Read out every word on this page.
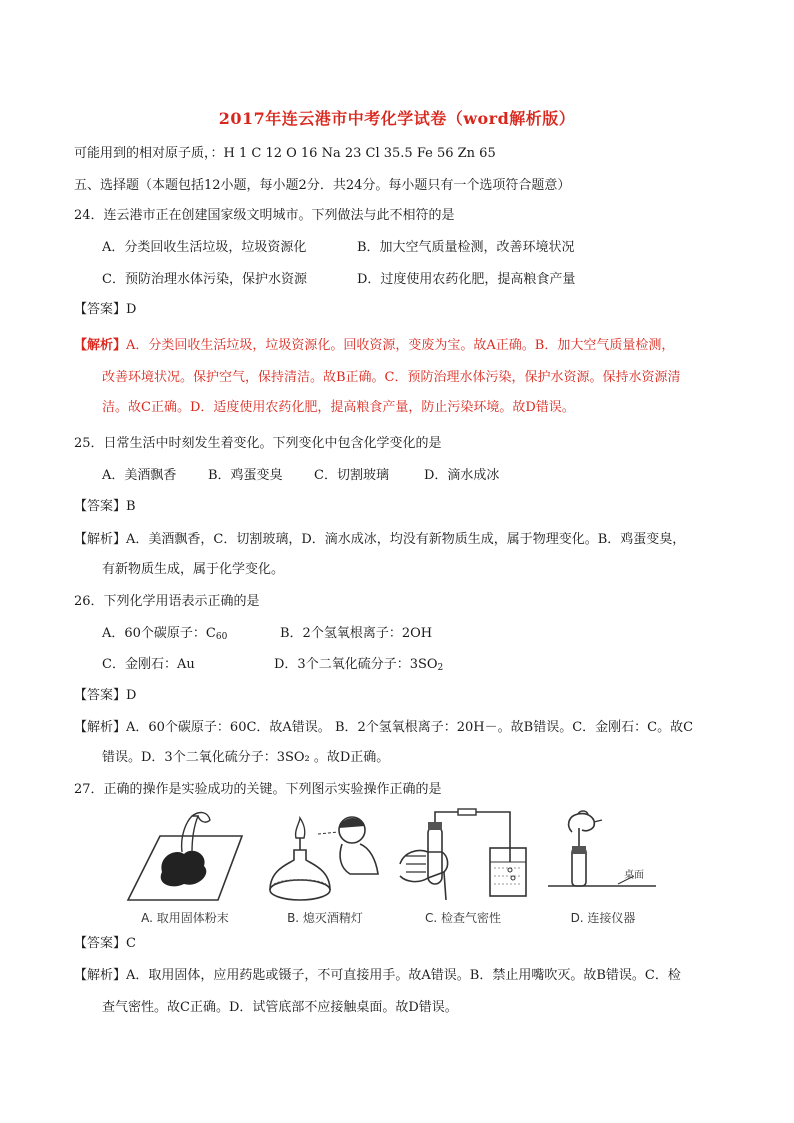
2017年连云港市中考化学试卷（word解析版）
可能用到的相对原子质，：H 1 C 12 O 16 Na 23 Cl 35.5 Fe 56 Zn 65
五、选择题（本题包括12小题，每小题2分．共24分。每小题只有一个选项符合题意）
24．连云港市正在创建国家级文明城市。下列做法与此不相符的是
A．分类回收生活垃圾，垃圾资源化	B．加大空气质量检测，改善环境状况
C．预防治理水体污染，保护水资源	D．过度使用农药化肥，提高粮食产量
【答案】D
【解析】A．分类回收生活垃圾，垃圾资源化。回收资源，变废为宝。故A正确。B．加大空气质量检测，
改善环境状况。保护空气，保持清洁。故B正确。C．预防治理水体污染，保护水资源。保持水资源清
洁。故C正确。D．适度使用农药化肥，提高粮食产量，防止污染环境。故D错误。
25．日常生活中时刻发生着变化。下列变化中包含化学变化的是
A．美酒飘香 B．鸡蛋变臭 C．切割玻璃	D．滴水成冰
【答案】B
【解析】A．美酒飘香，C．切割玻璃，D．滴水成冰，均没有新物质生成，属于物理变化。B．鸡蛋变臭，
有新物质生成，属于化学变化。
26．下列化学用语表示正确的是
A．60个碳原子：$C_{60}$	B．2个氢氧根离子：2OH
C．金刚石：Au	D．3个二氧化硫分子：$3SO_2$
【答案】D
【解析】A．60个碳原子：60C．故A错误。 B．2个氢氧根离子：20H－。故B错误。C．金刚石：C。故C
错误。D．3个二氧化硫分子：3SO₂ 。故D正确。
27．正确的操作是实验成功的关键。下列图示实验操作正确的是
A. 取用固体粉末	B. 熄灭酒精灯	C. 检查气密性
桌面
D. 连接仪器
【答案】C
【解析】A．取用固体，应用药匙或镊子，不可直接用手。故A错误。B．禁止用嘴吹灭。故B错误。C．检
查气密性。故C正确。D．试管底部不应接触桌面。故D错误。
